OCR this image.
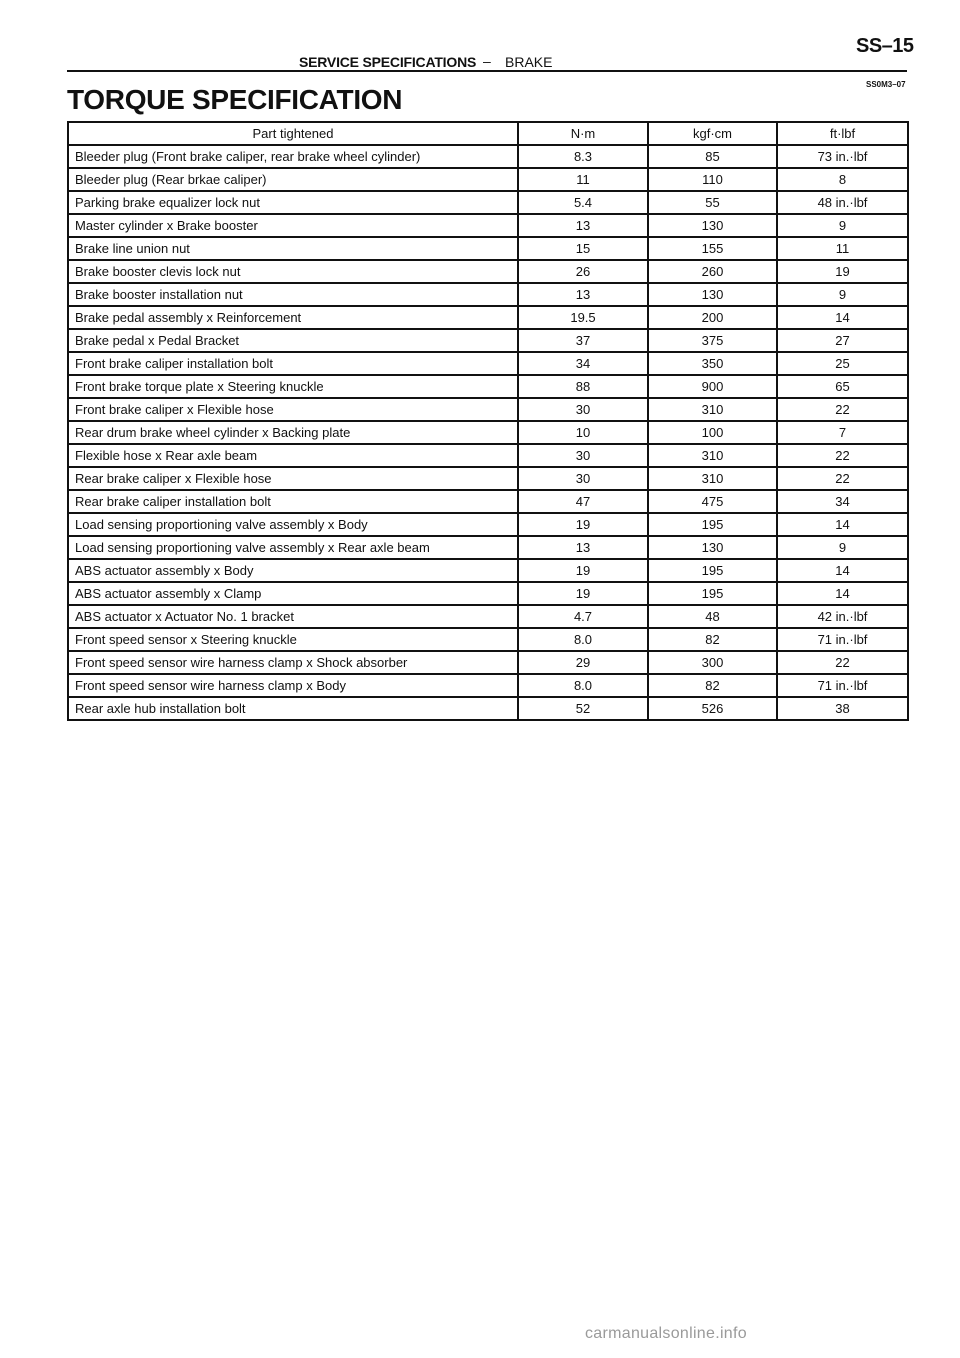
SERVICE SPECIFICATIONS – BRAKE
SS–15
SS0M3–07
TORQUE SPECIFICATION
Part tightened	N·m	kgf·cm	ft·lbf
Bleeder plug (Front brake caliper, rear brake wheel cylinder)	8.3	85	73 in.·lbf
Bleeder plug (Rear brkae caliper)	11	110	8
Parking brake equalizer lock nut	5.4	55	48 in.·lbf
Master cylinder x Brake booster	13	130	9
Brake line union nut	15	155	11
Brake booster clevis lock nut	26	260	19
Brake booster installation nut	13	130	9
Brake pedal assembly x Reinforcement	19.5	200	14
Brake pedal x Pedal Bracket	37	375	27
Front brake caliper installation bolt	34	350	25
Front brake torque plate x Steering knuckle	88	900	65
Front brake caliper x Flexible hose	30	310	22
Rear drum brake wheel cylinder x Backing plate	10	100	7
Flexible hose x Rear axle beam	30	310	22
Rear brake caliper x Flexible hose	30	310	22
Rear brake caliper installation bolt	47	475	34
Load sensing proportioning valve assembly x Body	19	195	14
Load sensing proportioning valve assembly x Rear axle beam	13	130	9
ABS actuator assembly x Body	19	195	14
ABS actuator assembly x Clamp	19	195	14
ABS actuator x Actuator No. 1 bracket	4.7	48	42 in.·lbf
Front speed sensor x Steering knuckle	8.0	82	71 in.·lbf
Front speed sensor wire harness clamp x Shock absorber	29	300	22
Front speed sensor wire harness clamp x Body	8.0	82	71 in.·lbf
Rear axle hub installation bolt	52	526	38
carmanualsonline.info
